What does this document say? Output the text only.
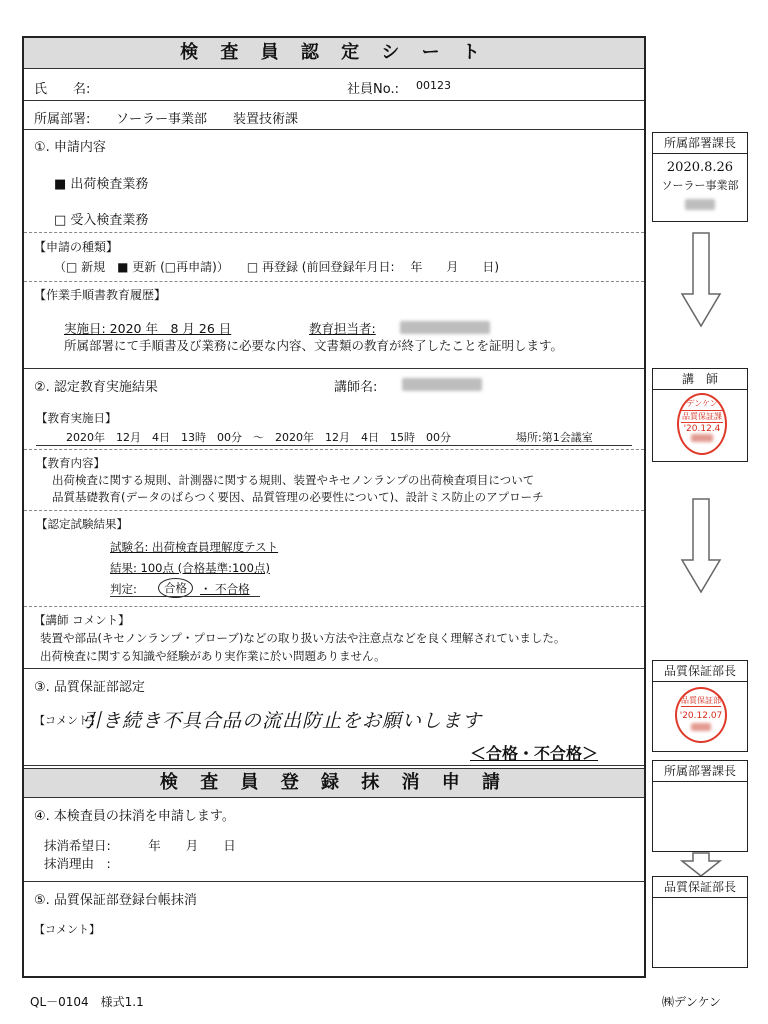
検 査 員 認 定 シ ー ト
氏　　名:	社員No.: 00123
所属部署: ソーラー事業部　　装置技術課
①. 申請内容
■ 出荷検査業務
□ 受入検査業務
【申請の種類】
（□ 新規　■ 更新 (□再申請)）　　□ 再登録 (前回登録年月日:　 年　　月　　日)
【作業手順書教育履歴】
実施日: 2020 年　8 月 26 日	教育担当者:
所属部署にて手順書及び業務に必要な内容、文書類の教育が終了したことを証明します。
②. 認定教育実施結果	講師名:
【教育実施日】
2020年　12月　4日　13時　00分　～　2020年　12月　4日　15時　00分	場所:第1会議室
【教育内容】
出荷検査に関する規則、計測器に関する規則、装置やキセノンランプの出荷検査項目について
品質基礎教育(データのばらつく要因、品質管理の必要性について)、設計ミス防止のアプローチ
【認定試験結果】
試験名: 出荷検査員理解度テスト
結果: 100点 (合格基準:100点)
判定:	合格	・ 不合格
【講師 コメント】
装置や部品(キセノンランプ・プローブ)などの取り扱い方法や注意点などを良く理解されていました。
出荷検査に関する知識や経験があり実作業に於い問題ありません。
③. 品質保証部認定
【コメント】
引き続き不具合品の流出防止をお願いします
＜合格・不合格＞
検 査 員 登 録 抹 消 申 請
④. 本検査員の抹消を申請します。
抹消希望日:　　　年　　月　　日
抹消理由　:
⑤. 品質保証部登録台帳抹消
【コメント】
所属部署課長
2020.8.26
ソーラー事業部
講　師
デンケン
品質保証課
'20.12.4
品質保証部長
品質保証部
'20.12.07
所属部署課長
品質保証部長
QL－0104　様式1.1	㈱デンケン
